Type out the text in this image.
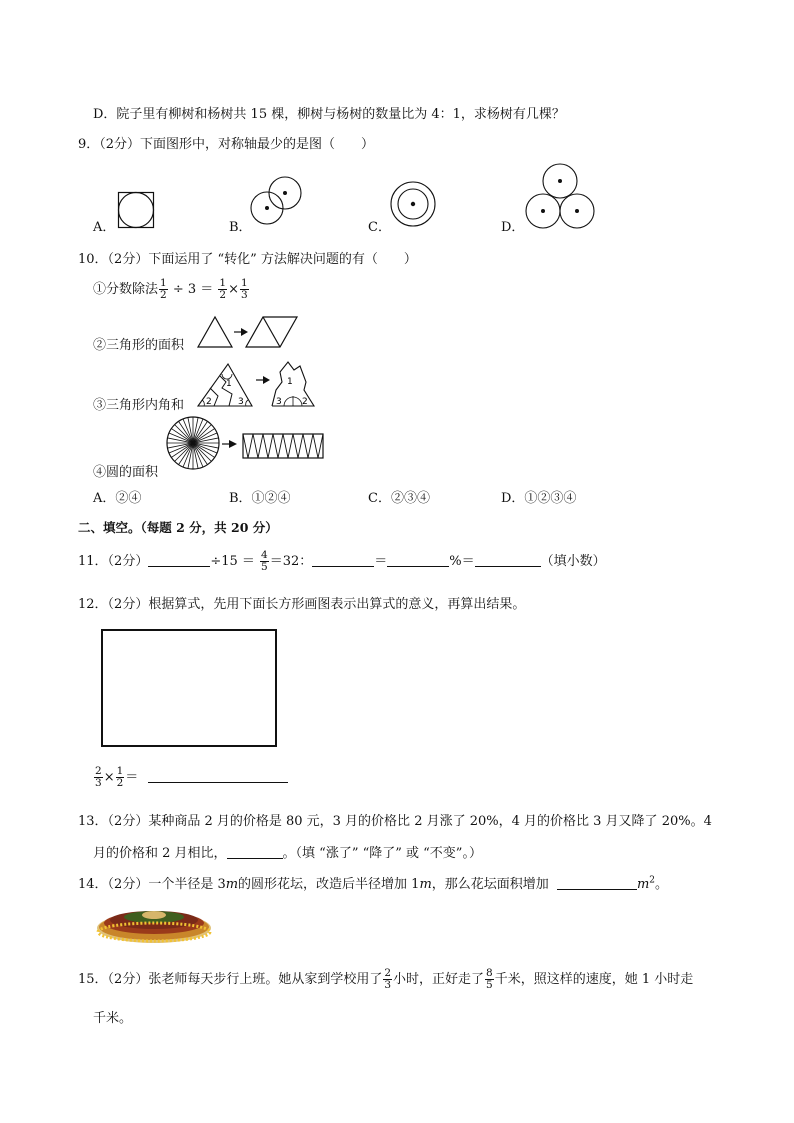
D．院子里有柳树和杨树共 15 棵，柳树与杨树的数量比为 4：1，求杨树有几棵？
9．（2分）下面图形中，对称轴最少的是图（　　）
A．	B．	C．	D．
10．（2分）下面运用了 “转化” 方法解决问题的有（　　）
①分数除法 $\frac{1}{2} \div 3 = \frac{1}{2} \times \frac{1}{3}$
②三角形的面积
③三角形内角和
1
2	3
1
3 2
④圆的面积
A．②④	B．①②④	C．②③④	D．①②③④
二、填空。（每题 2 分，共 20 分）
11．（2分）	$\div 15 = \frac{4}{5} =32$：	＝	%＝	（填小数）
12．（2分）根据算式，先用下面长方形画图表示出算式的意义，再算出结果。
$\frac{2}{3} \times \frac{1}{2}$ ＝
13．（2分）某种商品 2 月的价格是 80 元，3 月的价格比 2 月涨了 20%，4 月的价格比 3 月又降了 20%。4
月的价格和 2 月相比，	。（填 “涨了” “降了” 或 “不变”。）
14．（2分）一个半径是 3m的圆形花坛，改造后半径增加 1m，那么花坛面积增加	$m^2$。
15．（2分）张老师每天步行上班。她从家到学校用了 $\frac{2}{3}$ 小时，正好走了 $\frac{8}{5}$ 千米，照这样的速度，她 1 小时走
千米。
